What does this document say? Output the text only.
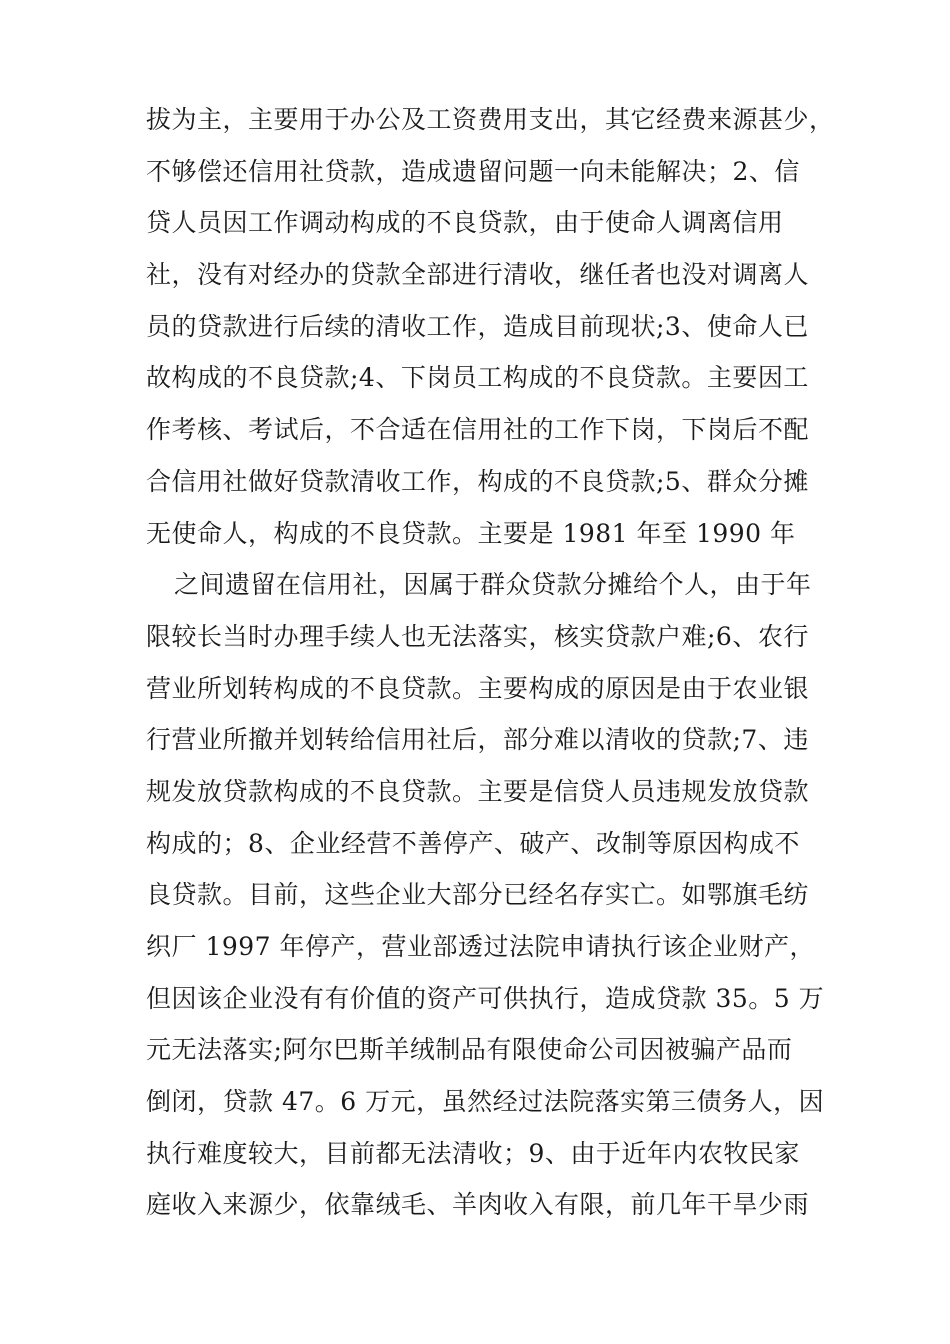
拔为主，主要用于办公及工资费用支出，其它经费来源甚少，
不够偿还信用社贷款，造成遗留问题一向未能解决；2、信
贷人员因工作调动构成的不良贷款，由于使命人调离信用
社，没有对经办的贷款全部进行清收，继任者也没对调离人
员的贷款进行后续的清收工作，造成目前现状;3、使命人已
故构成的不良贷款;4、下岗员工构成的不良贷款。主要因工
作考核、考试后，不合适在信用社的工作下岗，下岗后不配
合信用社做好贷款清收工作，构成的不良贷款;5、群众分摊
无使命人，构成的不良贷款。主要是 1981 年至 1990 年
之间遗留在信用社，因属于群众贷款分摊给个人，由于年
限较长当时办理手续人也无法落实，核实贷款户难;6、农行
营业所划转构成的不良贷款。主要构成的原因是由于农业银
行营业所撤并划转给信用社后，部分难以清收的贷款;7、违
规发放贷款构成的不良贷款。主要是信贷人员违规发放贷款
构成的；8、企业经营不善停产、破产、改制等原因构成不
良贷款。目前，这些企业大部分已经名存实亡。如鄂旗毛纺
织厂 1997 年停产，营业部透过法院申请执行该企业财产，
但因该企业没有有价值的资产可供执行，造成贷款 35。5 万
元无法落实;阿尔巴斯羊绒制品有限使命公司因被骗产品而
倒闭，贷款 47。6 万元，虽然经过法院落实第三债务人，因
执行难度较大，目前都无法清收；9、由于近年内农牧民家
庭收入来源少，依靠绒毛、羊肉收入有限，前几年干旱少雨
